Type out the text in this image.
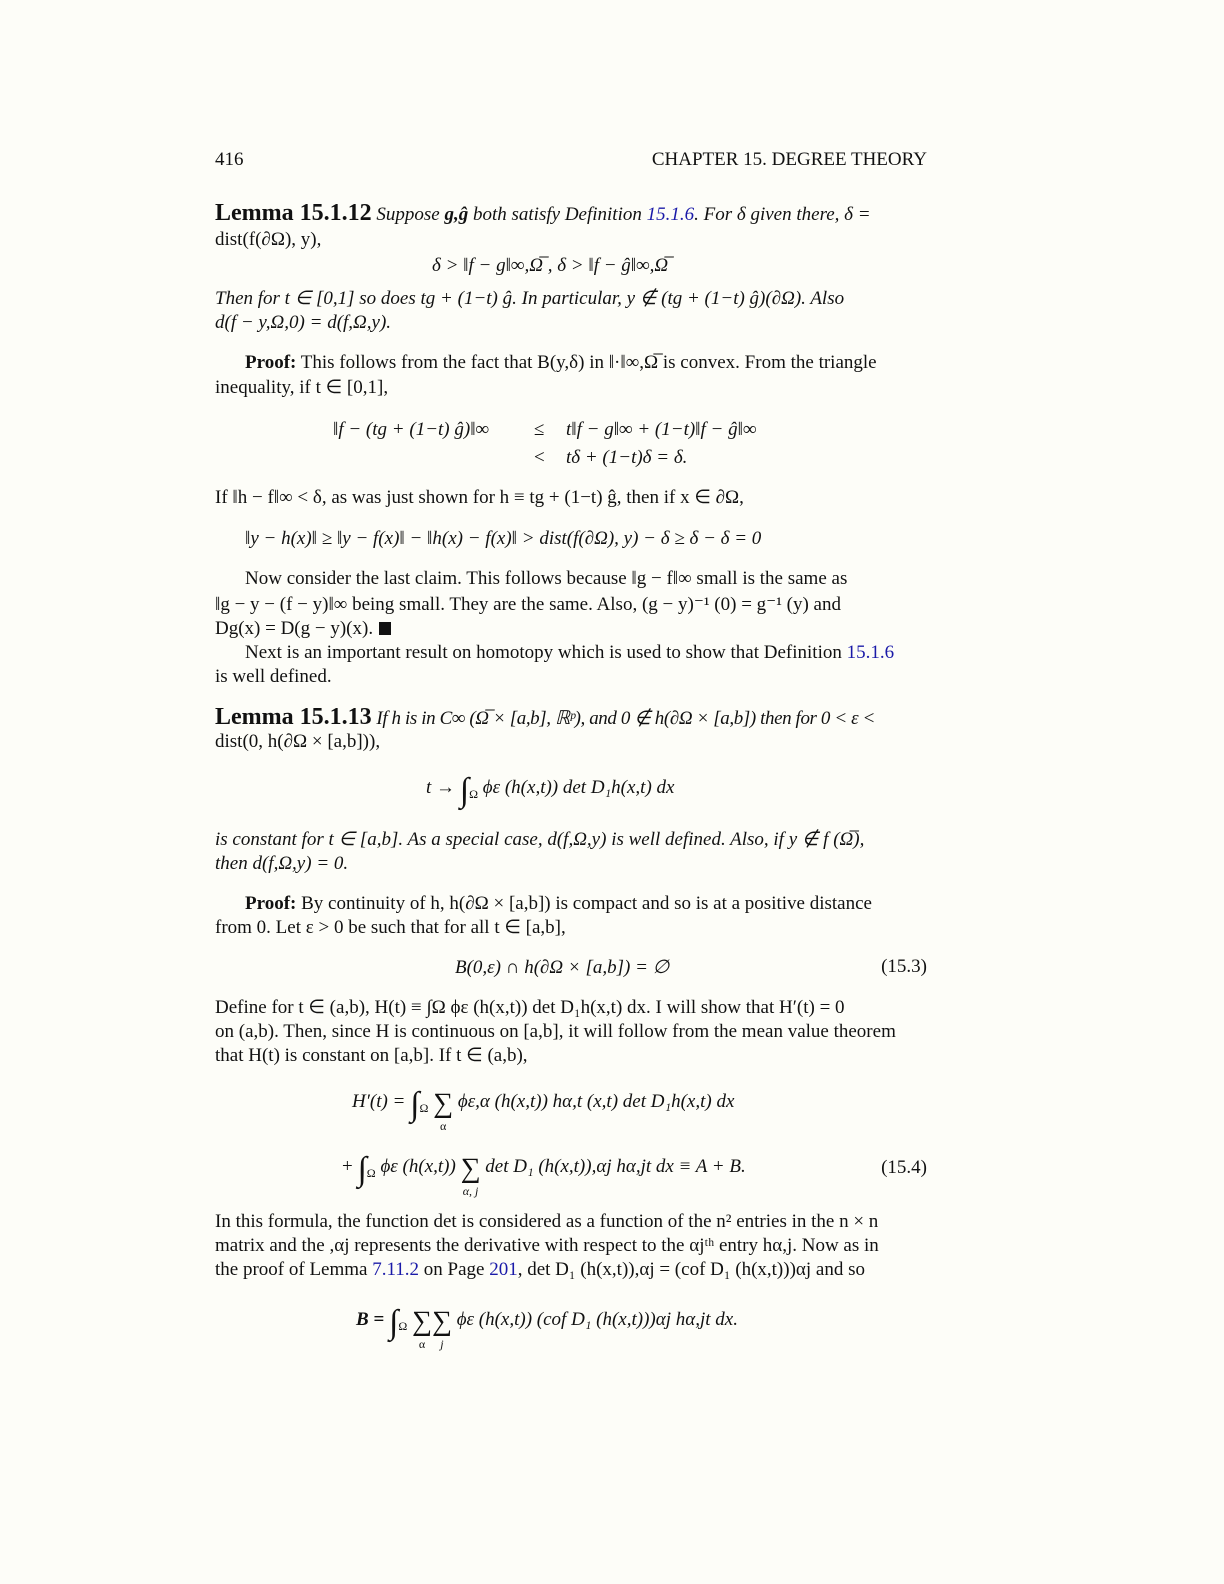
416	CHAPTER 15. DEGREE THEORY
Lemma 15.1.12 Suppose g,ĝ both satisfy Definition 15.1.6. For δ given there, δ =
dist(f(∂Ω), y),
δ > ‖f − g‖∞,Ω̅ , δ > ‖f − ĝ‖∞,Ω̅
Then for t ∈ [0,1] so does tg + (1−t) ĝ. In particular, y ∉ (tg + (1−t) ĝ)(∂Ω). Also
d(f − y,Ω,0) = d(f,Ω,y).
Proof: This follows from the fact that B(y,δ) in ‖·‖∞,Ω̅ is convex. From the triangle
inequality, if t ∈ [0,1],
‖f − (tg + (1−t) ĝ)‖∞ ≤ t‖f − g‖∞ + (1−t)‖f − ĝ‖∞
< tδ + (1−t)δ = δ.
If ‖h − f‖∞ < δ, as was just shown for h ≡ tg + (1−t) ĝ, then if x ∈ ∂Ω,
‖y − h(x)‖ ≥ ‖y − f(x)‖ − ‖h(x) − f(x)‖ > dist(f(∂Ω), y) − δ ≥ δ − δ = 0
Now consider the last claim. This follows because ‖g − f‖∞ small is the same as
‖g − y − (f − y)‖∞ being small. They are the same. Also, (g − y)⁻¹ (0) = g⁻¹ (y) and
Dg(x) = D(g − y)(x).
Next is an important result on homotopy which is used to show that Definition 15.1.6
is well defined.
Lemma 15.1.13 If h is in C∞ (Ω̅ × [a,b], ℝᵖ), and 0 ∉ h(∂Ω × [a,b]) then for 0 < ε <
dist(0, h(∂Ω × [a,b])),
$t \to \int_\Omega$ ϕε (h(x,t)) det D₁h(x,t) dx
is constant for t ∈ [a,b]. As a special case, d(f,Ω,y) is well defined. Also, if y ∉ f (Ω̅),
then d(f,Ω,y) = 0.
Proof: By continuity of h, h(∂Ω × [a,b]) is compact and so is at a positive distance
from 0. Let ε > 0 be such that for all t ∈ [a,b],
B(0,ε) ∩ h(∂Ω × [a,b]) = ∅	(15.3)
Define for t ∈ (a,b), H(t) ≡ ∫Ω ϕε (h(x,t)) det D₁h(x,t) dx. I will show that H′(t) = 0
on (a,b). Then, since H is continuous on [a,b], it will follow from the mean value theorem
that H(t) is constant on [a,b]. If t ∈ (a,b),
$H'(t) = \int_\Omega$ ∑
α
ϕε,α (h(x,t)) hα,t (x,t) det D₁h(x,t) dx
+ $\int_\Omega$ ϕε (h(x,t)) ∑
α, j
det D₁ (h(x,t)),αj hα,jt dx ≡ A + B.	(15.4)
In this formula, the function det is considered as a function of the n² entries in the n × n
matrix and the ,αj represents the derivative with respect to the αjᵗʰ entry hα,j. Now as in
the proof of Lemma 7.11.2 on Page 201, det D₁ (h(x,t)),αj = (cof D₁ (h(x,t)))αj and so
$B = \int_\Omega$ ∑
α
∑
j
ϕε (h(x,t)) (cof D₁ (h(x,t)))αj hα,jt dx.
